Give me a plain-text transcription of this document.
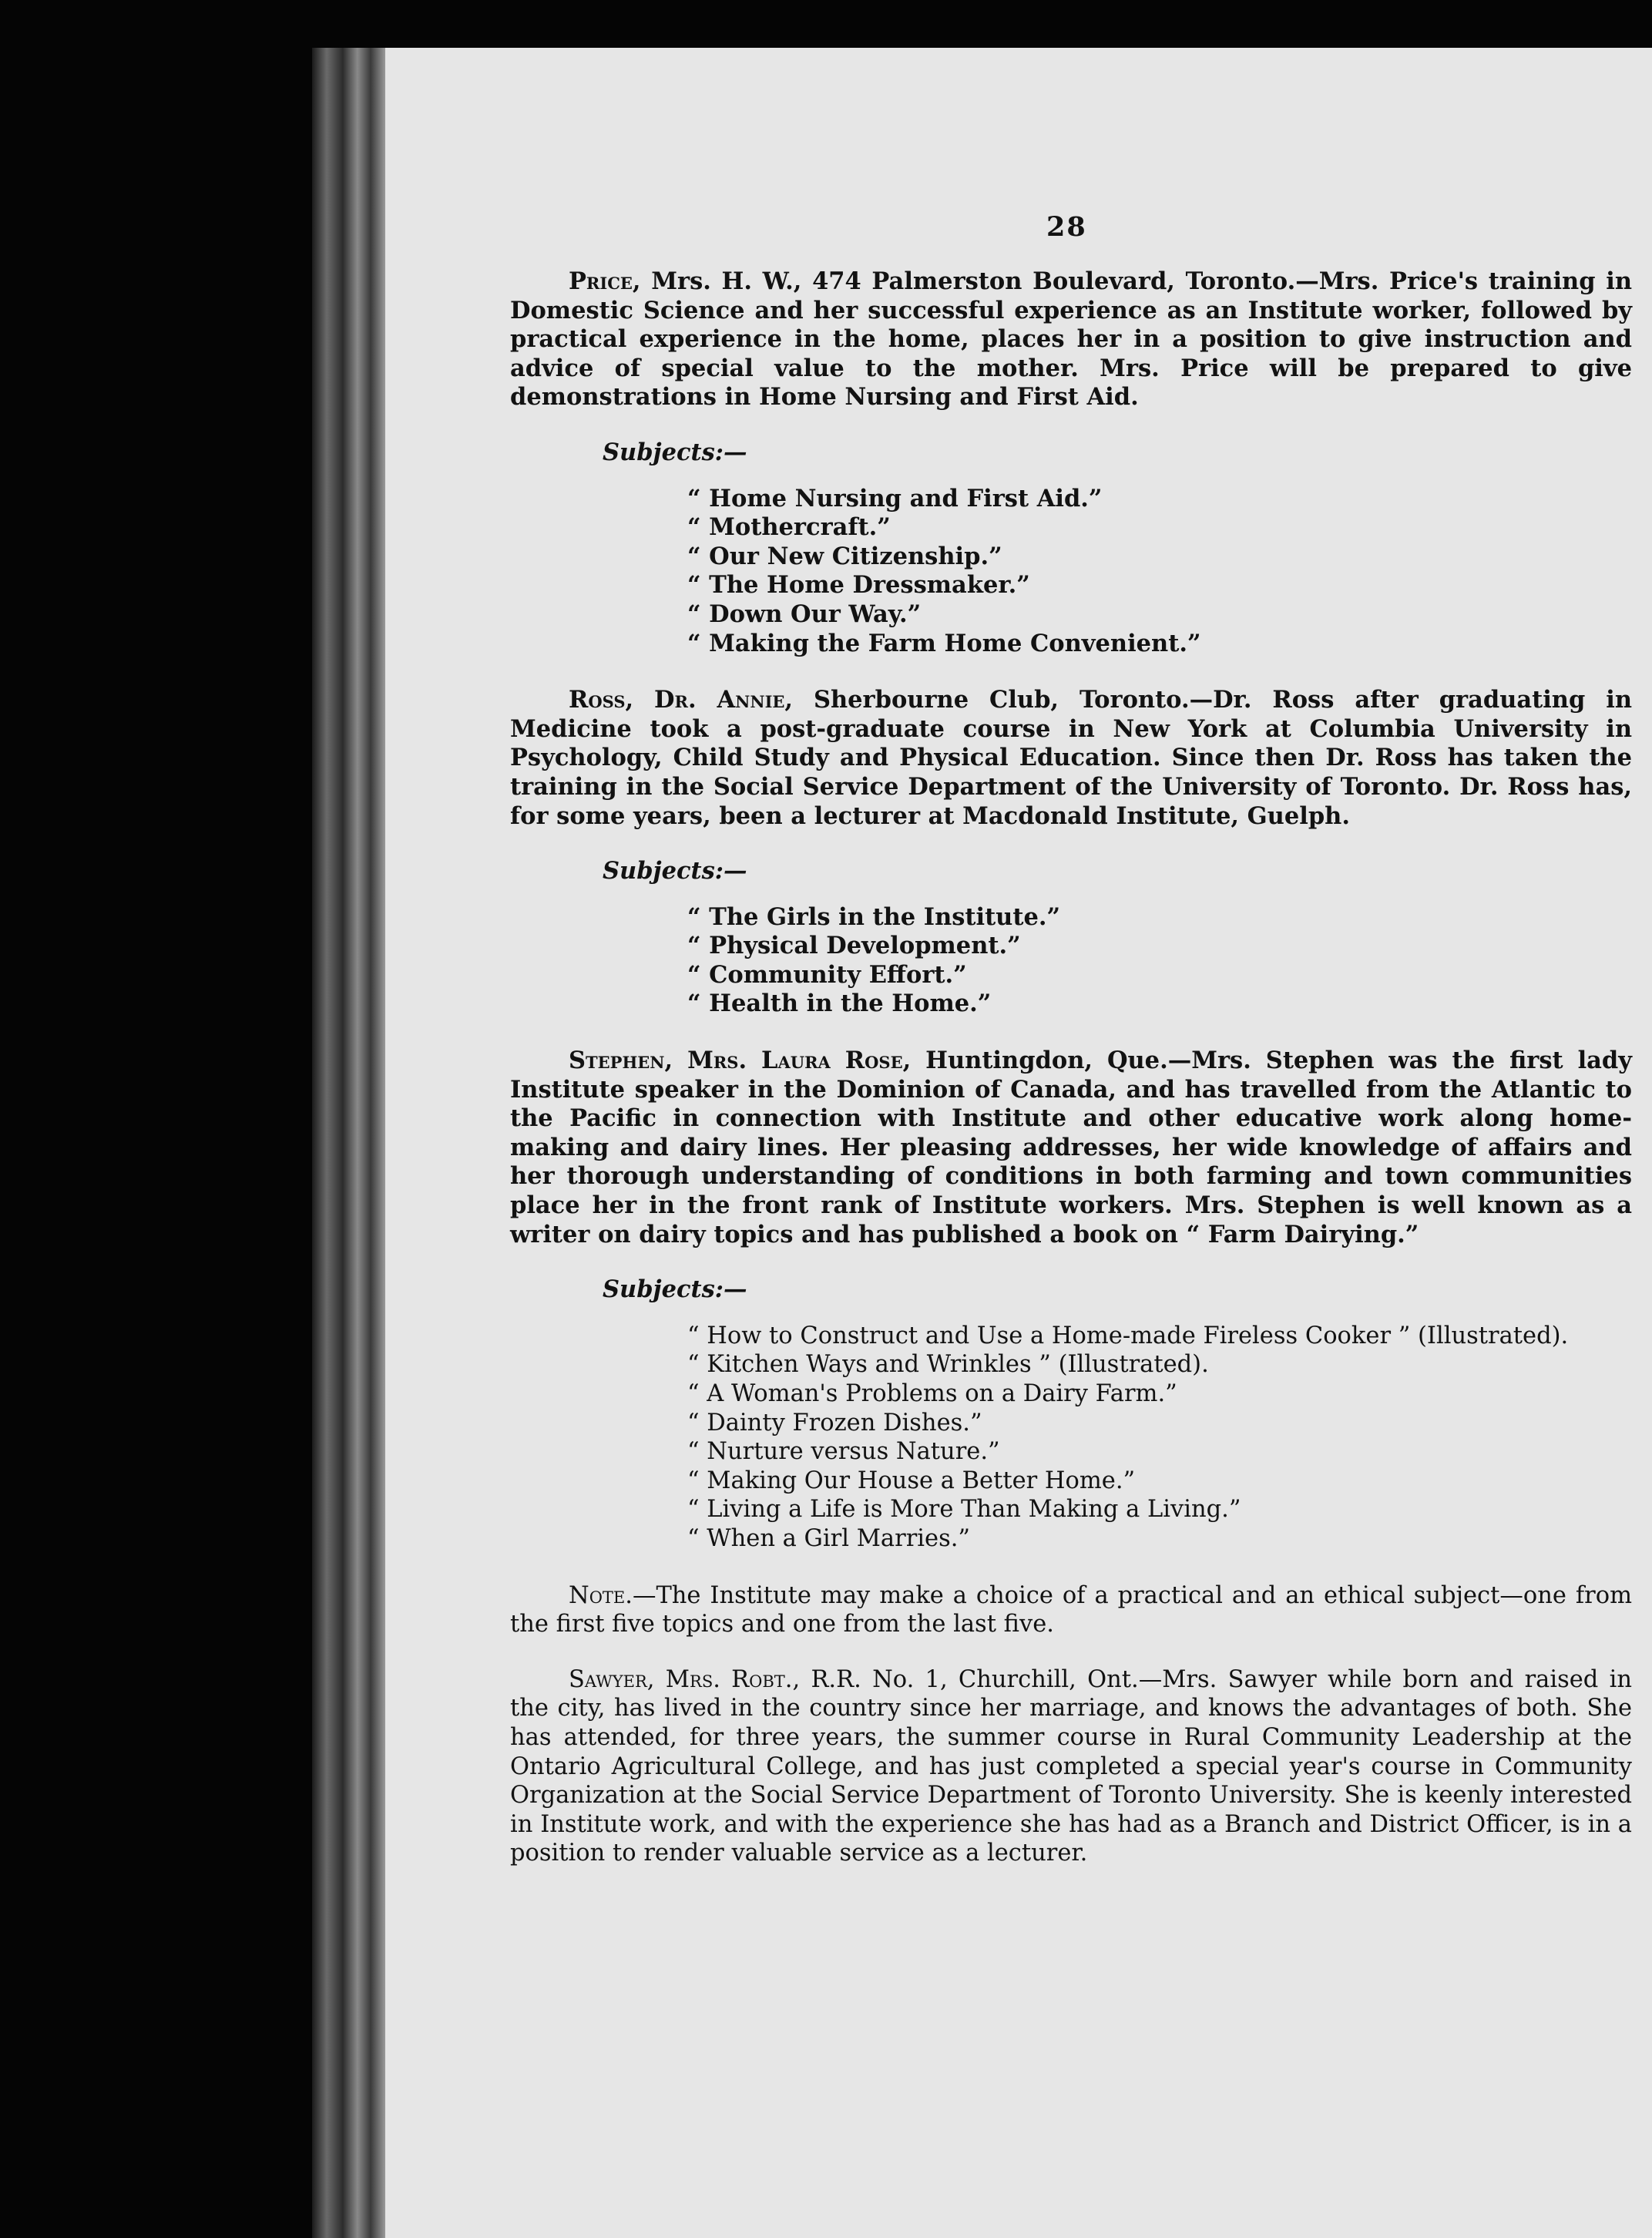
28

Price, Mrs. H. W., 474 Palmerston Boulevard, Toronto.—Mrs. Price's training in Domestic Science and her successful experience as an Institute worker, followed by practical experience in the home, places her in a position to give instruction and advice of special value to the mother. Mrs. Price will be prepared to give demonstrations in Home Nursing and First Aid.

Subjects:—
“ Home Nursing and First Aid.”
“ Mothercraft.”
“ Our New Citizenship.”
“ The Home Dressmaker.”
“ Down Our Way.”
“ Making the Farm Home Convenient.”

Ross, Dr. Annie, Sherbourne Club, Toronto.—Dr. Ross after graduating in Medicine took a post-graduate course in New York at Columbia University in Psychology, Child Study and Physical Education. Since then Dr. Ross has taken the training in the Social Service Department of the University of Toronto. Dr. Ross has, for some years, been a lecturer at Macdonald Institute, Guelph.

Subjects:—
“ The Girls in the Institute.”
“ Physical Development.”
“ Community Effort.”
“ Health in the Home.”

Stephen, Mrs. Laura Rose, Huntingdon, Que.—Mrs. Stephen was the first lady Institute speaker in the Dominion of Canada, and has travelled from the Atlantic to the Pacific in connection with Institute and other educative work along home-making and dairy lines. Her pleasing addresses, her wide knowledge of affairs and her thorough understanding of conditions in both farming and town communities place her in the front rank of Institute workers. Mrs. Stephen is well known as a writer on dairy topics and has published a book on “ Farm Dairying.”

Subjects:—
“ How to Construct and Use a Home-made Fireless Cooker ” (Illustrated).
“ Kitchen Ways and Wrinkles ” (Illustrated).
“ A Woman's Problems on a Dairy Farm.”
“ Dainty Frozen Dishes.”
“ Nurture versus Nature.”
“ Making Our House a Better Home.”
“ Living a Life is More Than Making a Living.”
“ When a Girl Marries.”

Note.—The Institute may make a choice of a practical and an ethical subject—one from the first five topics and one from the last five.

Sawyer, Mrs. Robt., R.R. No. 1, Churchill, Ont.—Mrs. Sawyer while born and raised in the city, has lived in the country since her marriage, and knows the advantages of both. She has attended, for three years, the summer course in Rural Community Leadership at the Ontario Agricultural College, and has just completed a special year's course in Community Organization at the Social Service Department of Toronto University. She is keenly interested in Institute work, and with the experience she has had as a Branch and District Officer, is in a position to render valuable service as a lecturer.
